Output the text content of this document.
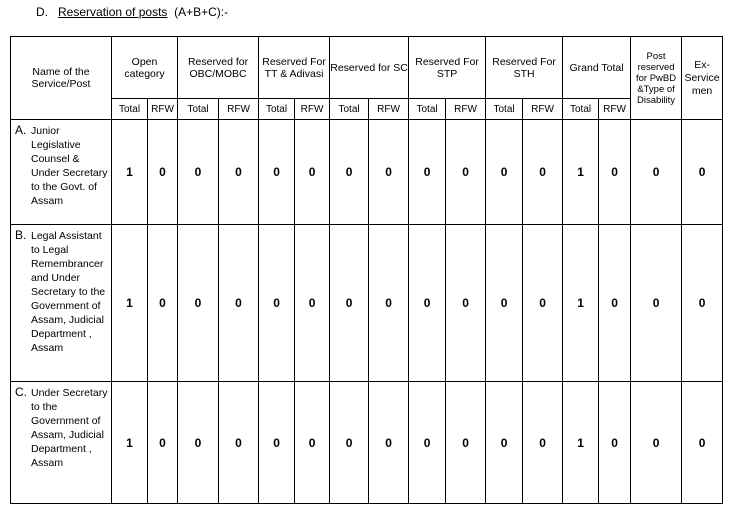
D. Reservation of posts (A+B+C):-
Name of the Service/Post	Open category		Reserved for OBC/MOBC		Reserved For TT & Adivasi		Reserved for SC		Reserved For STP		Reserved For STH		Grand Total		Post reserved for PwBD &Type of Disability	Ex-Service men
	Total	RFW	Total	RFW	Total	RFW	Total	RFW	Total	RFW	Total	RFW	Total	RFW		
A. Junior Legislative Counsel & Under Secretary to the Govt. of Assam	1	0	0	0	0	0	0	0	0	0	0	0	1	0	0	0
B. Legal Assistant to Legal Remembrancer and Under Secretary to the Government of Assam, Judicial Department , Assam	1	0	0	0	0	0	0	0	0	0	0	0	1	0	0	0
C. Under Secretary to the Government of Assam, Judicial Department , Assam	1	0	0	0	0	0	0	0	0	0	0	0	1	0	0	0
